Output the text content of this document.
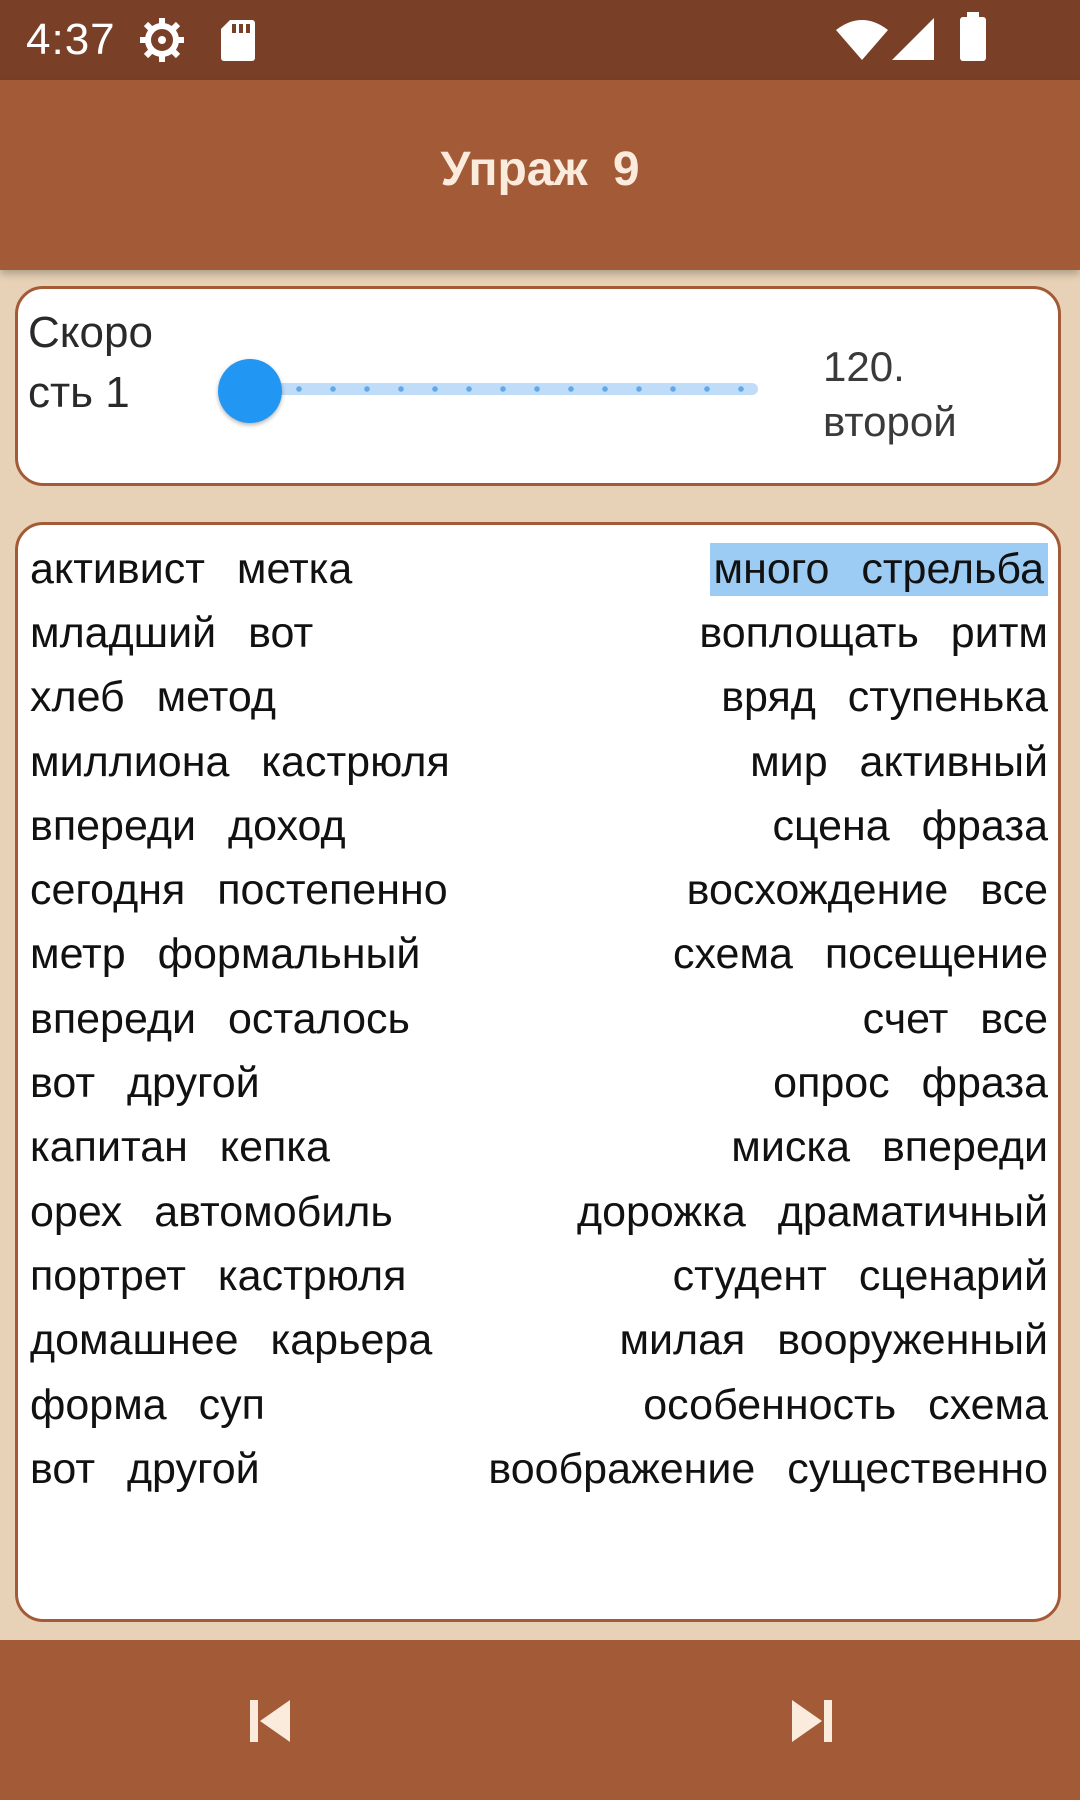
4:37
Упраж 9
Скорость 1
120. второй
активист метка	много стрельба
младший вот	воплощать ритм
хлеб метод	вряд ступенька
миллиона кастрюля	мир активный
впереди доход	сцена фраза
сегодня постепенно	восхождение все
метр формальный	схема посещение
впереди осталось	счет все
вот другой	опрос фраза
капитан кепка	миска впереди
орех автомобиль	дорожка драматичный
портрет кастрюля	студент сценарий
домашнее карьера	милая вооруженный
форма суп	особенность схема
вот другой	воображение существенно
